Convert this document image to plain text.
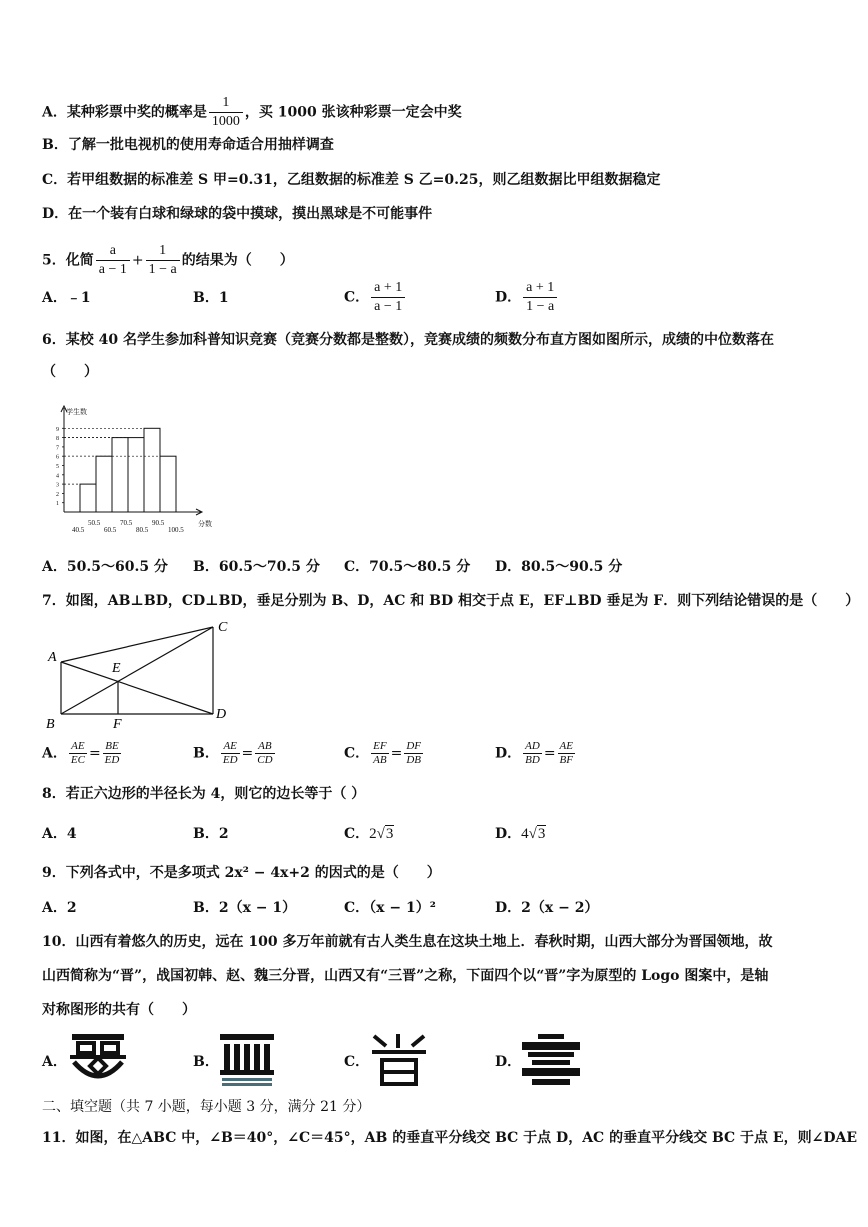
A．某种彩票中奖的概率是 $\frac{1}{1000}$ ，买 1000 张该种彩票一定会中奖
B．了解一批电视机的使用寿命适合用抽样调查
C．若甲组数据的标准差 S 甲=0.31，乙组数据的标准差 S 乙=0.25，则乙组数据比甲组数据稳定
D．在一个装有白球和绿球的袋中摸球，摸出黑球是不可能事件
5．化简 $\frac{a}{a - 1} + \frac{1}{1 - a}$ 的结果为（　　）
A．﹣1	B．1	C． $\frac{a + 1}{a - 1}$	D． $\frac{a + 1}{1 - a}$
6．某校 40 名学生参加科普知识竞赛（竞赛分数都是整数），竞赛成绩的频数分布直方图如图所示，成绩的中位数落在
（　　）
学生数
分数
1
2
3
4
5
6
7
8
9
40.5
50.5
60.5
70.5
80.5
90.5
100.5
A．50.5～60.5 分 B．60.5～70.5 分 C．70.5～80.5 分 D．80.5～90.5 分
7．如图，AB⊥BD，CD⊥BD，垂足分别为 B、D，AC 和 BD 相交于点 E，EF⊥BD 垂足为 F．则下列结论错误的是（　　）
A
B
C
D
E
F
A． $\frac{AE}{EC} = \frac{BE}{ED}$	B． $\frac{AE}{ED} = \frac{AB}{CD}$	C． $\frac{EF}{AB} = \frac{DF}{DB}$	D． $\frac{AD}{BD} = \frac{AE}{BF}$
8．若正六边形的半径长为 4，则它的边长等于（ ）
A．4	B．2	C．2√3	D．4√3
9．下列各式中，不是多项式 2x² − 4x+2 的因式的是（　　）
A．2	B．2（x − 1）	C．（x − 1）²	D．2（x − 2）
10．山西有着悠久的历史，远在 100 多万年前就有古人类生息在这块土地上．春秋时期，山西大部分为晋国领地，故
山西简称为“晋”，战国初韩、赵、魏三分晋，山西又有“三晋”之称，下面四个以“晋”字为原型的 Logo 图案中，是轴
对称图形的共有（　　）
A．	B．	C．	D．
二、填空题（共 7 小题，每小题 3 分，满分 21 分）
11．如图，在△ABC 中，∠B＝40°，∠C＝45°，AB 的垂直平分线交 BC 于点 D，AC 的垂直平分线交 BC 于点 E，则∠DAE
